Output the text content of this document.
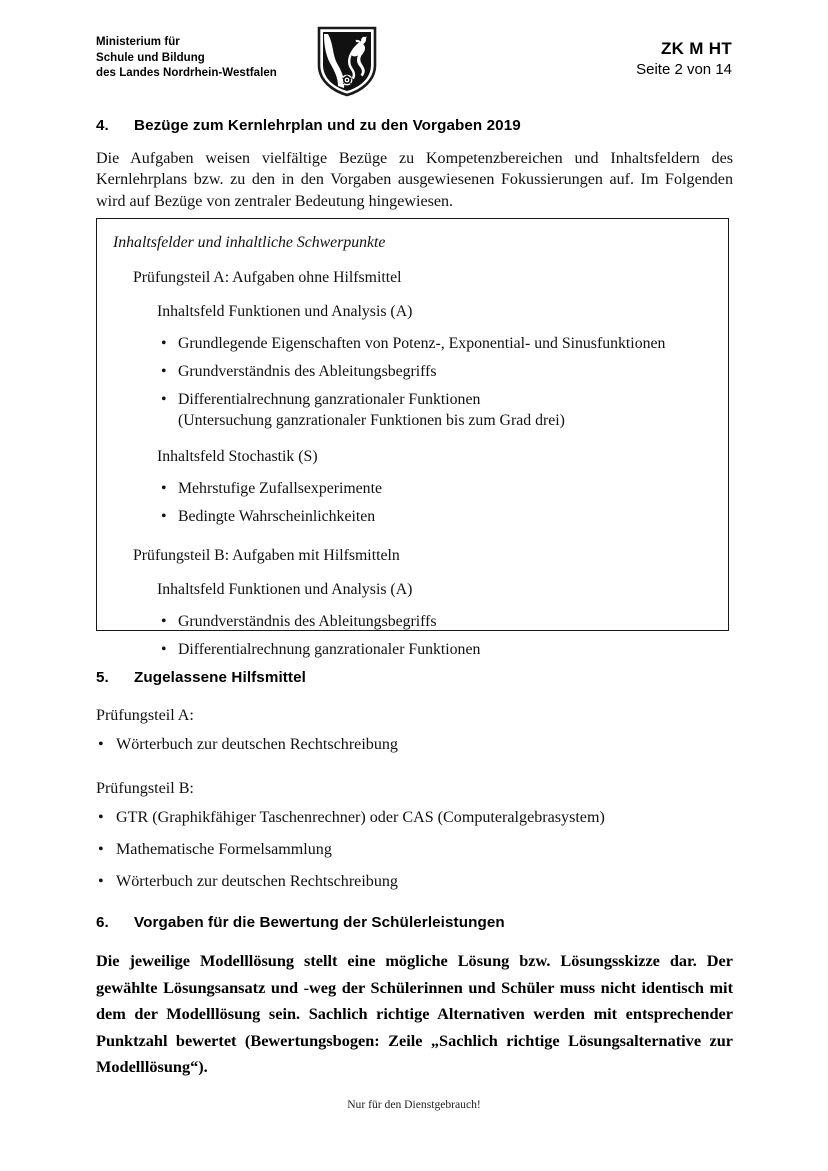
Ministerium für
Schule und Bildung
des Landes Nordrhein-Westfalen
ZK M HT
Seite 2 von 14
4.	Bezüge zum Kernlehrplan und zu den Vorgaben 2019

Die Aufgaben weisen vielfältige Bezüge zu Kompetenzbereichen und Inhaltsfeldern des Kernlehrplans bzw. zu den in den Vorgaben ausgewiesenen Fokussierungen auf. Im Folgenden wird auf Bezüge von zentraler Bedeutung hingewiesen.

Inhaltsfelder und inhaltliche Schwerpunkte
Prüfungsteil A: Aufgaben ohne Hilfsmittel
Inhaltsfeld Funktionen und Analysis (A)
• Grundlegende Eigenschaften von Potenz-, Exponential- und Sinusfunktionen
• Grundverständnis des Ableitungsbegriffs
• Differentialrechnung ganzrationaler Funktionen
(Untersuchung ganzrationaler Funktionen bis zum Grad drei)
Inhaltsfeld Stochastik (S)
• Mehrstufige Zufallsexperimente
• Bedingte Wahrscheinlichkeiten
Prüfungsteil B: Aufgaben mit Hilfsmitteln
Inhaltsfeld Funktionen und Analysis (A)
• Grundverständnis des Ableitungsbegriffs
• Differentialrechnung ganzrationaler Funktionen
5.	Zugelassene Hilfsmittel

Prüfungsteil A:

• Wörterbuch zur deutschen Rechtschreibung

Prüfungsteil B:

• GTR (Graphikfähiger Taschenrechner) oder CAS (Computeralgebrasystem)
• Mathematische Formelsammlung
• Wörterbuch zur deutschen Rechtschreibung
6.	Vorgaben für die Bewertung der Schülerleistungen

Die jeweilige Modelllösung stellt eine mögliche Lösung bzw. Lösungsskizze dar. Der gewählte Lösungsansatz und -weg der Schülerinnen und Schüler muss nicht identisch mit dem der Modelllösung sein. Sachlich richtige Alternativen werden mit entsprechender Punktzahl bewertet (Bewertungsbogen: Zeile „Sachlich richtige Lösungsalternative zur Modelllösung“).

Nur für den Dienstgebrauch!
